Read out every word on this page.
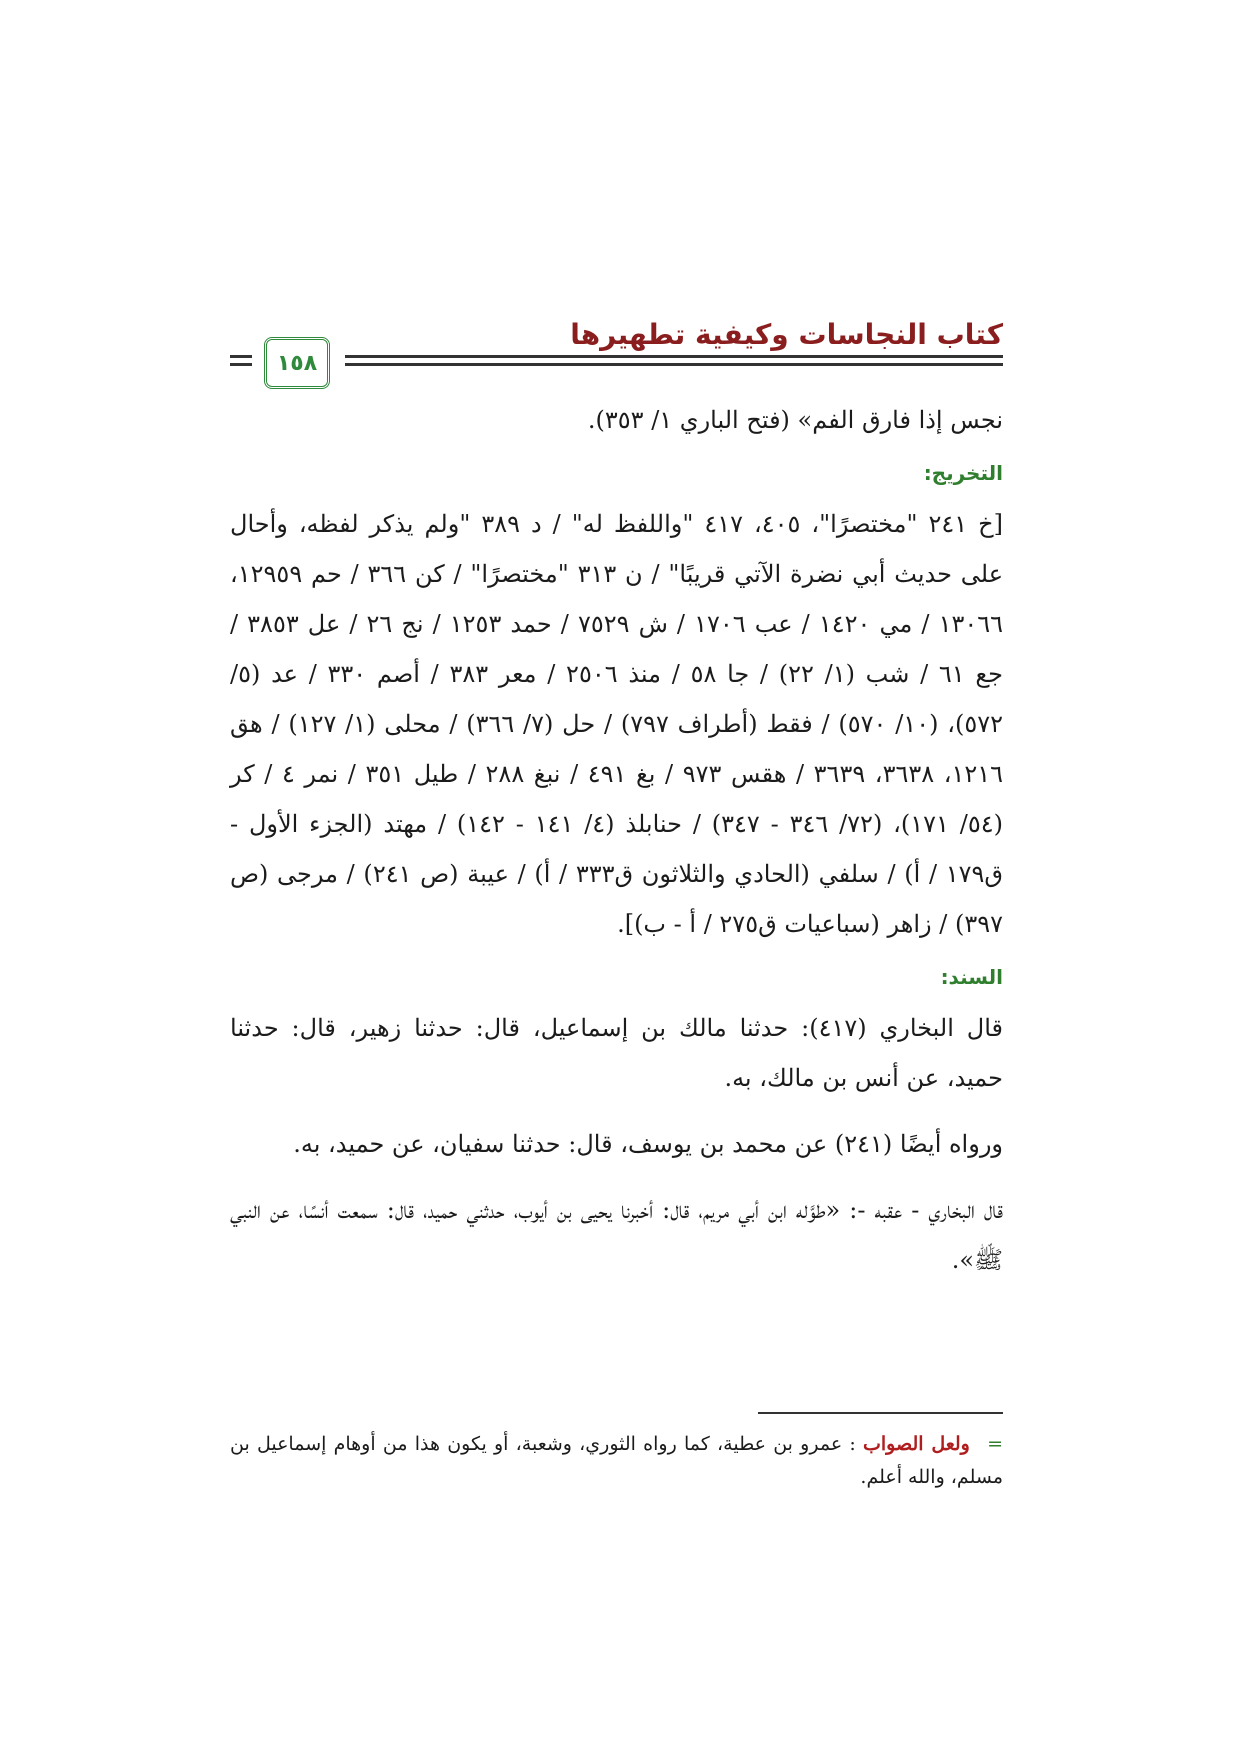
كتاب النجاسات وكيفية تطهيرها
١٥٨

نجس إذا فارق الفم» (فتح الباري ١/ ٣٥٣).

التخريج:

[خ ٢٤١ "مختصرًا"، ٤٠٥، ٤١٧ "واللفظ له" / د ٣٨٩ "ولم يذكر لفظه، وأحال على حديث أبي نضرة الآتي قريبًا" / ن ٣١٣ "مختصرًا" / كن ٣٦٦ / حم ١٢٩٥٩، ١٣٠٦٦ / مي ١٤٢٠ / عب ١٧٠٦ / ش ٧٥٢٩ / حمد ١٢٥٣ / نج ٢٦ / عل ٣٨٥٣ / جع ٦١ / شب (١/ ٢٢) / جا ٥٨ / منذ ٢٥٠٦ / معر ٣٨٣ / أصم ٣٣٠ / عد (٥/ ٥٧٢)، (١٠/ ٥٧٠) / فقط (أطراف ٧٩٧) / حل (٧/ ٣٦٦) / محلى (١/ ١٢٧) / هق ١٢١٦، ٣٦٣٨، ٣٦٣٩ / هقس ٩٧٣ / بغ ٤٩١ / نبغ ٢٨٨ / طيل ٣٥١ / نمر ٤ / كر (٥٤/ ١٧١)، (٧٢/ ٣٤٦ - ٣٤٧) / حنابلذ (٤/ ١٤١ - ١٤٢) / مهتد (الجزء الأول - ق١٧٩ / أ) / سلفي (الحادي والثلاثون ق٣٣٣ / أ) / عيبة (ص ٢٤١) / مرجى (ص ٣٩٧) / زاهر (سباعيات ق٢٧٥ / أ - ب)].

السند:

قال البخاري (٤١٧): حدثنا مالك بن إسماعيل، قال: حدثنا زهير، قال: حدثنا حميد، عن أنس بن مالك، به.

ورواه أيضًا (٢٤١) عن محمد بن يوسف، قال: حدثنا سفيان، عن حميد، به.

قال البخاري - عقبه -: «طوَّله ابن أبي مريم، قال: أخبرنا يحيى بن أيوب، حدثني حميد، قال: سمعت أنسًا، عن النبي ﷺ».

= ولعل الصواب : عمرو بن عطية، كما رواه الثوري، وشعبة، أو يكون هذا من أوهام إسماعيل بن مسلم، والله أعلم.
